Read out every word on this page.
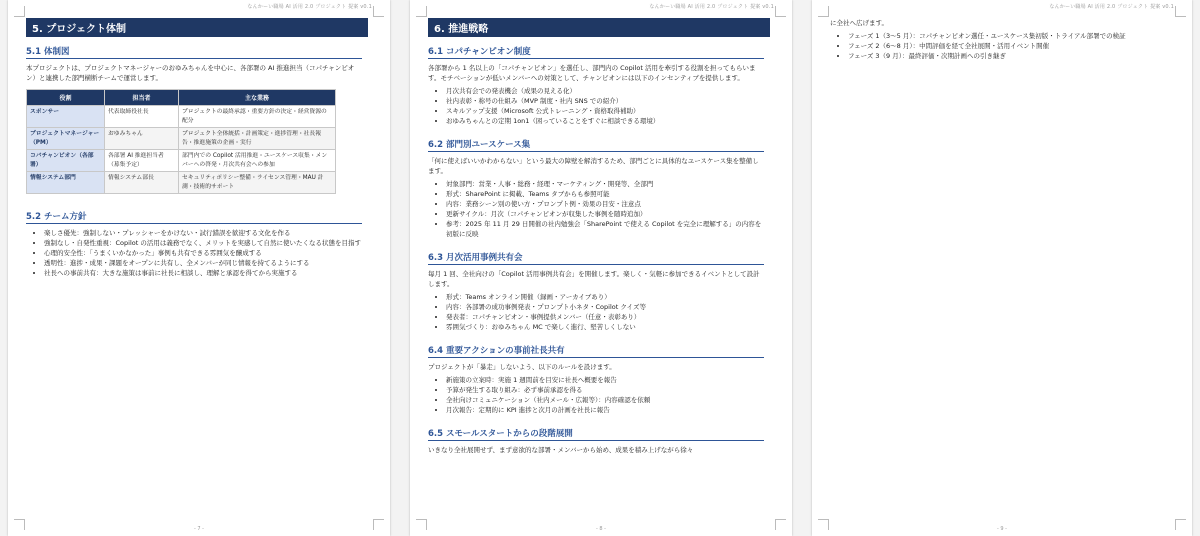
なんかーい職場 AI 活用 2.0 プロジェクト 提案 v0.1
5. プロジェクト体制
5.1 体制図

本プロジェクトは、プロジェクトマネージャーのおゆみちゃんを中心に、各部署の AI 推進担当（コパチャンピオン）と連携した部門横断チームで運営します。

役割	担当者	主な業務
スポンサー	代表取締役社長	プロジェクトの最終承認・重要方針の決定・経営資源の配分
プロジェクトマネージャー（PM）	おゆみちゃん	プロジェクト全体統括・計画策定・進捗管理・社長報告・推進施策の企画・実行
コパチャンピオン（各部署）	各部署 AI 推進担当者（募集予定）	部門内での Copilot 活用推進・ユースケース収集・メンバーへの啓発・月次共有会への参加
情報システム部門	情報システム部長	セキュリティポリシー整備・ライセンス管理・MAU 計測・技術的サポート
5.2 チーム方針
• 楽しさ優先：強制しない・プレッシャーをかけない・試行錯誤を歓迎する文化を作る
• 強制なし・自発性重視：Copilot の活用は義務でなく、メリットを実感して自然に使いたくなる状態を目指す
• 心理的安全性：「うまくいかなかった」事例も共有できる雰囲気を醸成する
• 透明性：進捗・成果・課題をオープンに共有し、全メンバーが同じ情報を持てるようにする
• 社長への事前共有：大きな施策は事前に社長に相談し、理解と承認を得てから実施する
- 7 -
なんかーい職場 AI 活用 2.0 プロジェクト 提案 v0.1
6. 推進戦略
6.1 コパチャンピオン制度

各部署から 1 名以上の「コパチャンピオン」を選任し、部門内の Copilot 活用を牽引する役割を担ってもらいます。モチベーションが低いメンバーへの対策として、チャンピオンには以下のインセンティブを提供します。

• 月次共有会での発表機会（成果の見える化）
• 社内表彰・称号の仕組み（MVP 制度・社内 SNS での紹介）
• スキルアップ支援（Microsoft 公式トレーニング・資格取得補助）
• おゆみちゃんとの定期 1on1（困っていることをすぐに相談できる環境）
6.2 部門別ユースケース集

「何に使えばいいかわからない」という最大の障壁を解消するため、部門ごとに具体的なユースケース集を整備します。

• 対象部門：営業・人事・総務・経理・マーケティング・開発等、全部門
• 形式：SharePoint に掲載、Teams タブからも参照可能
• 内容：業務シーン別の使い方・プロンプト例・効果の目安・注意点
• 更新サイクル：月次（コパチャンピオンが収集した事例を随時追加）
• 参考：2025 年 11 月 29 日開催の社内勉強会「SharePoint で使える Copilot を完全に理解する」の内容を初版に反映
6.3 月次活用事例共有会

毎月 1 回、全社向けの「Copilot 活用事例共有会」を開催します。楽しく・気軽に参加できるイベントとして設計します。

• 形式：Teams オンライン開催（録画・アーカイブあり）
• 内容：各部署の成功事例発表・プロンプト小ネタ・Copilot クイズ等
• 発表者：コパチャンピオン・事例提供メンバー（任意・表彰あり）
• 雰囲気づくり：おゆみちゃん MC で楽しく進行、堅苦しくしない
6.4 重要アクションの事前社長共有

プロジェクトが「暴走」しないよう、以下のルールを設けます。

• 新施策の立案時：実施 1 週間前を目安に社長へ概要を報告
• 予算が発生する取り組み：必ず事前承認を得る
• 全社向けコミュニケーション（社内メール・広報等）：内容確認を依頼
• 月次報告：定期的に KPI 進捗と次月の計画を社長に報告
6.5 スモールスタートからの段階展開

いきなり全社展開せず、まず意欲的な部署・メンバーから始め、成果を積み上げながら徐々

- 8 -
なんかーい職場 AI 活用 2.0 プロジェクト 提案 v0.1

に全社へ広げます。

• フェーズ 1（3〜5 月）：コパチャンピオン選任・ユースケース集初版・トライアル部署での検証
• フェーズ 2（6〜8 月）：中間評価を経て全社展開・活用イベント開催
• フェーズ 3（9 月）：最終評価・次期計画への引き継ぎ
- 9 -
